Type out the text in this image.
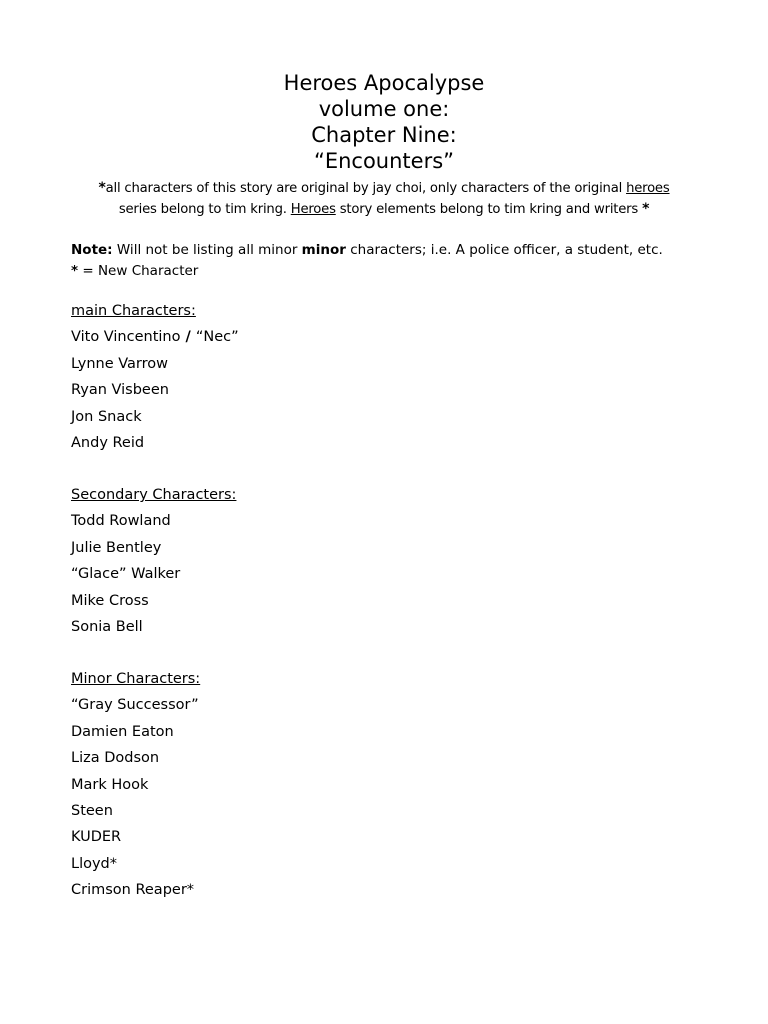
Heroes Apocalypse
volume one:
Chapter Nine:
“Encounters”
*all characters of this story are original by jay choi, only characters of the original heroes series belong to tim kring. Heroes story elements belong to tim kring and writers *
Note: Will not be listing all minor minor characters; i.e. A police officer, a student, etc.
* = New Character
main Characters:
Vito Vincentino / “Nec”
Lynne Varrow
Ryan Visbeen
Jon Snack
Andy Reid
Secondary Characters:
Todd Rowland
Julie Bentley
“Glace” Walker
Mike Cross
Sonia Bell
Minor Characters:
“Gray Successor”
Damien Eaton
Liza Dodson
Mark Hook
Steen
KUDER
Lloyd*
Crimson Reaper*
